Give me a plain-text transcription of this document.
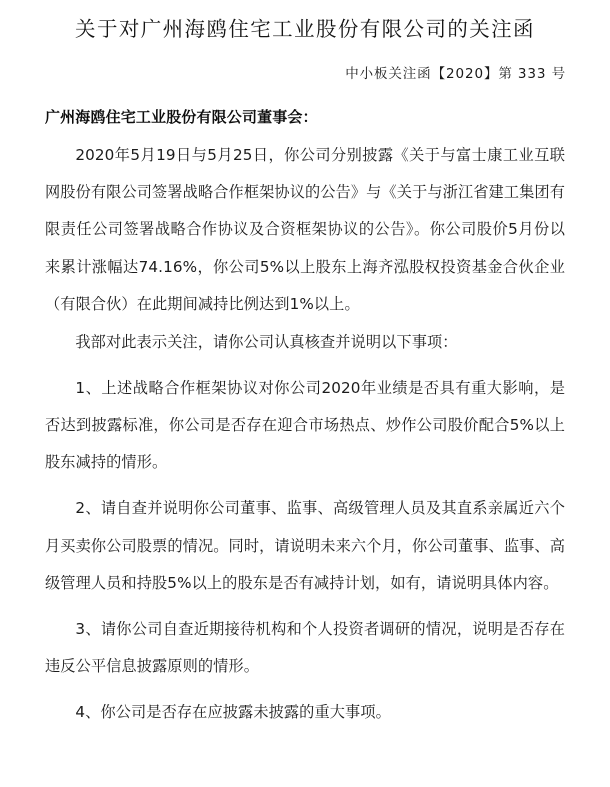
关于对广州海鸥住宅工业股份有限公司的关注函
中小板关注函【2020】第 333 号

广州海鸥住宅工业股份有限公司董事会：

2020年5月19日与5月25日，你公司分别披露《关于与富士康工业互联网股份有限公司签署战略合作框架协议的公告》与《关于与浙江省建工集团有限责任公司签署战略合作协议及合资框架协议的公告》。你公司股价5月份以来累计涨幅达74.16%，你公司5%以上股东上海齐泓股权投资基金合伙企业（有限合伙）在此期间减持比例达到1%以上。

我部对此表示关注，请你公司认真核查并说明以下事项：

1、上述战略合作框架协议对你公司2020年业绩是否具有重大影响，是否达到披露标准，你公司是否存在迎合市场热点、炒作公司股价配合5%以上股东减持的情形。

2、请自查并说明你公司董事、监事、高级管理人员及其直系亲属近六个月买卖你公司股票的情况。同时，请说明未来六个月，你公司董事、监事、高级管理人员和持股5%以上的股东是否有减持计划，如有，请说明具体内容。

3、请你公司自查近期接待机构和个人投资者调研的情况，说明是否存在违反公平信息披露原则的情形。

4、你公司是否存在应披露未披露的重大事项。
